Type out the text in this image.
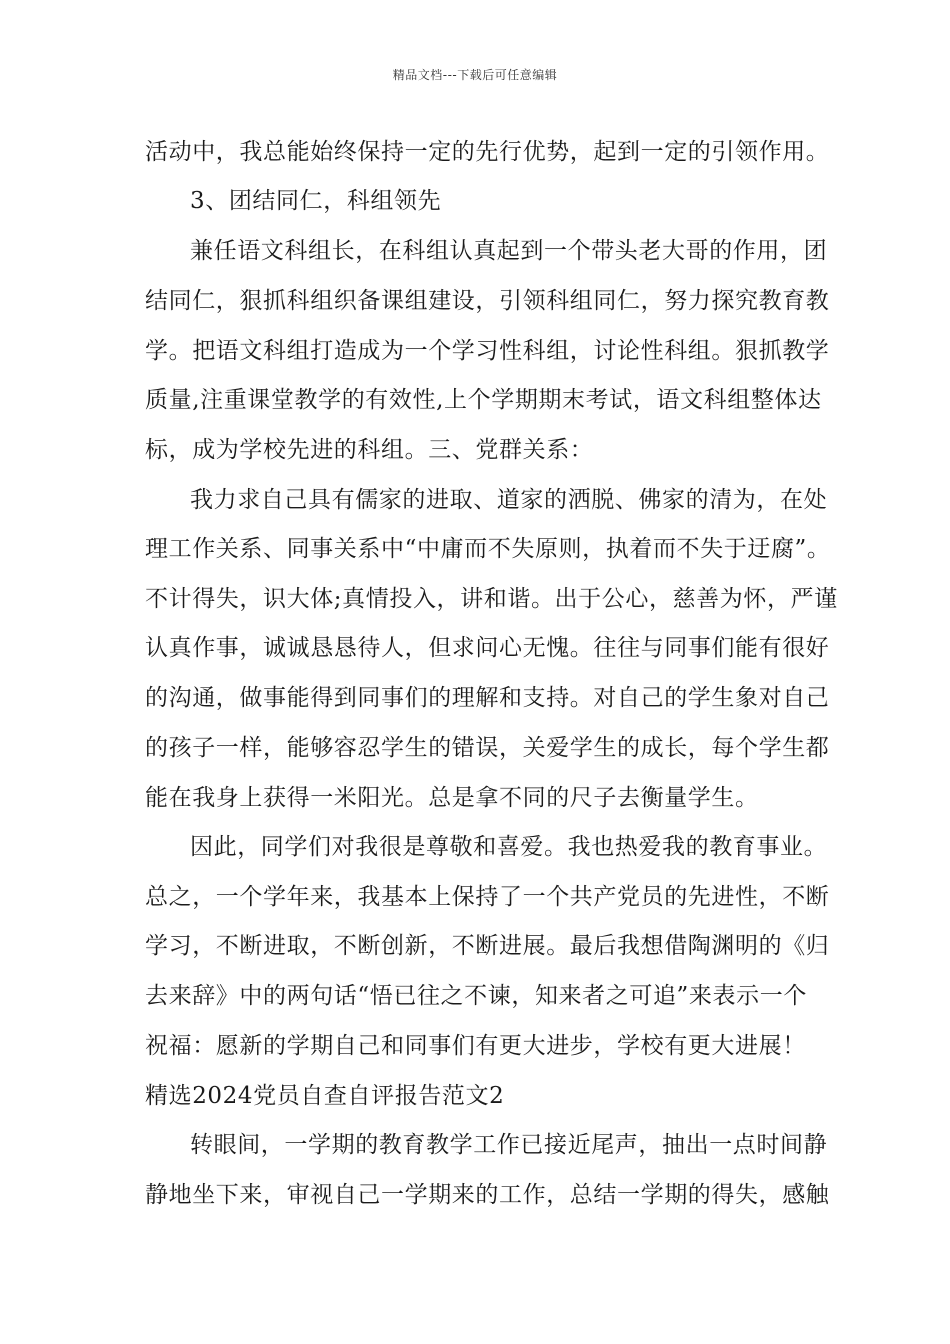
精品文档---下载后可任意编辑
活动中，我总能始终保持一定的先行优势，起到一定的引领作用。
3、团结同仁，科组领先
兼任语文科组长，在科组认真起到一个带头老大哥的作用，团
结同仁，狠抓科组织备课组建设，引领科组同仁，努力探究教育教
学。把语文科组打造成为一个学习性科组，讨论性科组。狠抓教学
质量,注重课堂教学的有效性,上个学期期末考试，语文科组整体达
标，成为学校先进的科组。三、党群关系：
我力求自己具有儒家的进取、道家的洒脱、佛家的清为，在处
理工作关系、同事关系中“中庸而不失原则，执着而不失于迂腐”。
不计得失，识大体;真情投入，讲和谐。出于公心，慈善为怀，严谨
认真作事，诚诚恳恳待人，但求问心无愧。往往与同事们能有很好
的沟通，做事能得到同事们的理解和支持。对自己的学生象对自己
的孩子一样，能够容忍学生的错误，关爱学生的成长，每个学生都
能在我身上获得一米阳光。总是拿不同的尺子去衡量学生。
因此，同学们对我很是尊敬和喜爱。我也热爱我的教育事业。
总之，一个学年来，我基本上保持了一个共产党员的先进性，不断
学习，不断进取，不断创新，不断进展。最后我想借陶渊明的《归
去来辞》中的两句话“悟已往之不谏，知来者之可追”来表示一个
祝福：愿新的学期自己和同事们有更大进步，学校有更大进展！
精选2024党员自查自评报告范文2
转眼间，一学期的教育教学工作已接近尾声，抽出一点时间静
静地坐下来，审视自己一学期来的工作，总结一学期的得失，感触
